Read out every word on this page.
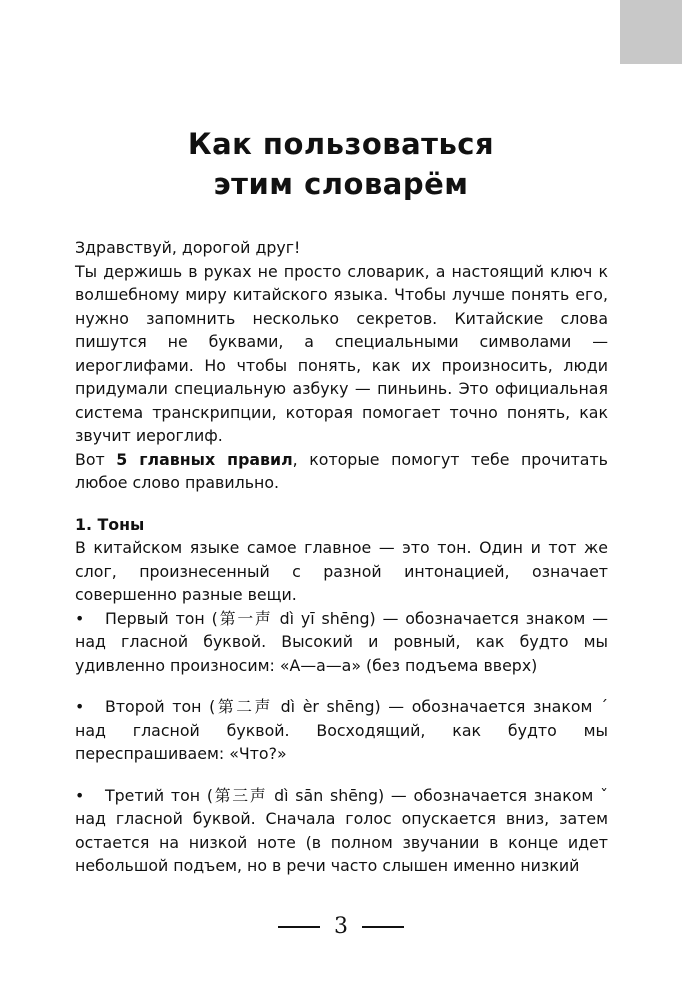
Как пользоваться
этим словарём

Здравствуй, дорогой друг!

Ты держишь в руках не просто словарик, а настоящий ключ к волшебному миру китайского языка. Чтобы лучше понять его, нужно запомнить несколько секретов. Китайские слова пишутся не буквами, а специальными символами — иероглифами. Но чтобы понять, как их произносить, люди придумали специальную азбуку — пиньинь. Это официальная система транскрипции, которая помогает точно понять, как звучит иероглиф.

Вот 5 главных правил, которые помогут тебе прочитать любое слово правильно.

1. Тоны

В китайском языке самое главное — это тон. Один и тот же слог, произнесенный с разной интонацией, означает совершенно разные вещи.

• Первый тон (第一声 dì yī shēng) — обозначается знаком — над гласной буквой. Высокий и ровный, как будто мы удивленно произносим: «А—а—а» (без подъема вверх)

• Второй тон (第二声 dì èr shēng) — обозначается знаком ´ над гласной буквой. Восходящий, как будто мы переспрашиваем: «Что?»

• Третий тон (第三声 dì sān shēng) — обозначается знаком ˇ над гласной буквой. Сначала голос опускается вниз, затем остается на низкой ноте (в полном звучании в конце идет небольшой подъем, но в речи часто слышен именно низкий

3
